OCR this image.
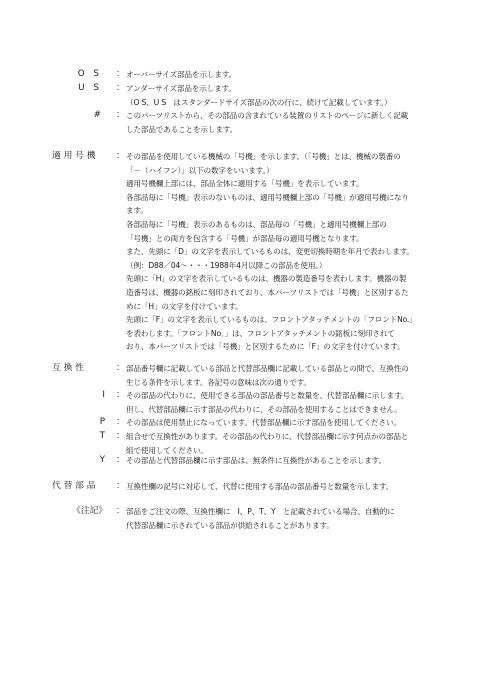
O S ： オーバーサイズ部品を示します。

U S ： アンダーサイズ部品を示します。

（O S、U S　はスタンダードサイズ部品の次の行に、続けて記載しています。）

# ： このパーツリストから、その部品の含まれている装置のリストのページに新しく記載

した部品であることを示します。

適 用 号 機 ： その部品を使用している機械の「号機」を示します。（「号機」とは、機械の製番の

「－（ハイフン）」以下の数字をいいます。）

適用号機欄上部には、部品全体に適用する「号機」を表示しています。

各部品毎に「号機」表示のないものは、適用号機欄上部の「号機」が適用号機になり

ます。

各部品毎に「号機」表示のあるものは、部品毎の「号機」と適用号機欄上部の

「号機」との両方を包含する「号機」が部品毎の適用号機となります。

また、先頭に「D」の文字を表示しているものは、変更切換時期を年月で表わします。

（例：D88／04～・・・1988年4月以降この部品を使用。）

先頭に「H」の文字を表示しているものは、機器の製造番号を表わします。機器の製

造番号は、機器の銘板に刻印されており、本パーツリストでは「号機」と区別するた

めに「H」の文字を付けています。

先頭に「F」の文字を表示しているものは、フロントアタッチメントの「フロントNo.」

を表わします。「フロントNo．」は、フロントアタッチメントの銘板に刻印されて

おり、本パーツリストでは「号機」と区別するために「F」の文字を付けています。

互 換 性	： 部品番号欄に記載している部品と代替部品欄に記載している部品との間で、互換性の

生じる条件を示します。各記号の意味は次の通りです。

I ： その部品の代わりに、使用できる部品の部品番号と数量を、代替部品欄に示します。

但し、代替部品欄に示す部品の代わりに、その部品を使用することはできません。

P ： その部品は使用禁止になっています。代替部品欄に示す部品を使用してください。

T ： 組合せで互換性があります。その部品の代わりに、代替部品欄に示す何点かの部品と

組で使用してください。

Y ： その部品と代替部品欄に示す部品は、無条件に互換性があることを示します。

代 替 部 品 ： 互換性欄の記号に対応して、代替に使用する部品の部品番号と数量を示します。

《注記》 ： 部品をご注文の際、互換性欄に　I、P、T、Y　と記載されている場合、自動的に

代替部品欄に示されている部品が供給されることがあります。
